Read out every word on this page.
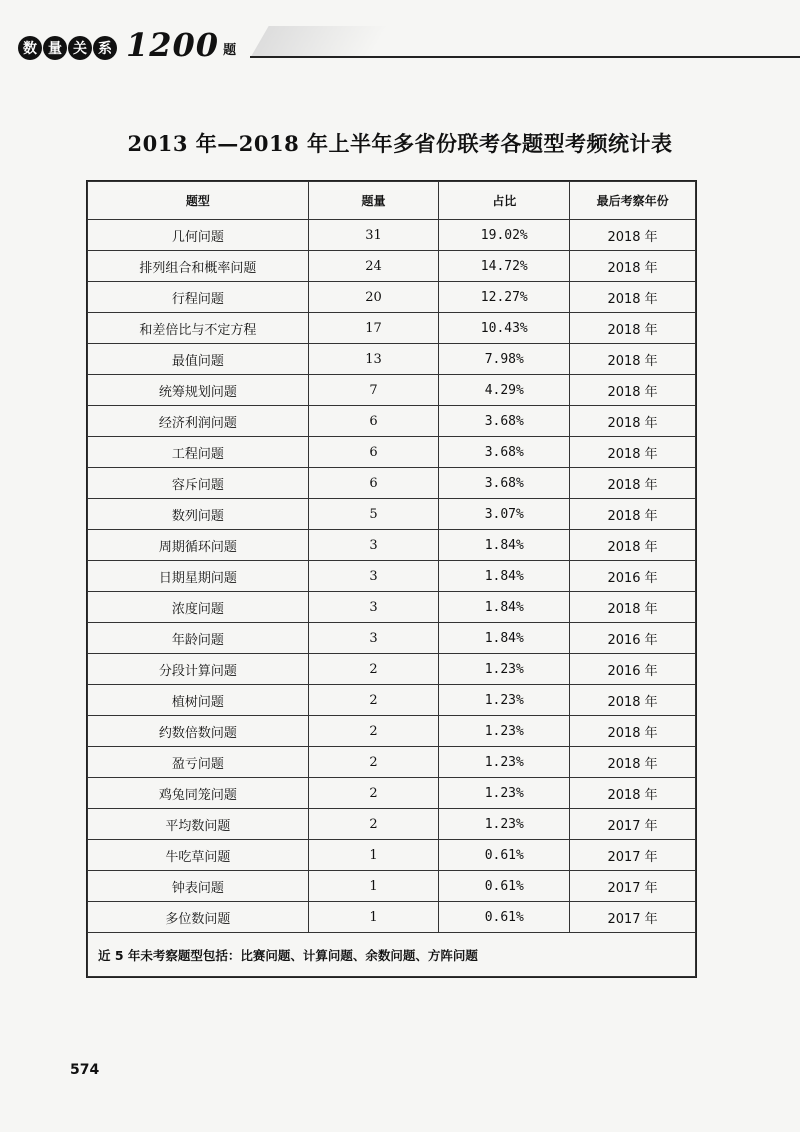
数 量 关 系 1200 题
2013 年—2018 年上半年多省份联考各题型考频统计表
题型	题量	占比	最后考察年份
几何问题	31	19.02%	2018 年
排列组合和概率问题	24	14.72%	2018 年
行程问题	20	12.27%	2018 年
和差倍比与不定方程	17	10.43%	2018 年
最值问题	13	7.98%	2018 年
统筹规划问题	7	4.29%	2018 年
经济利润问题	6	3.68%	2018 年
工程问题	6	3.68%	2018 年
容斥问题	6	3.68%	2018 年
数列问题	5	3.07%	2018 年
周期循环问题	3	1.84%	2018 年
日期星期问题	3	1.84%	2016 年
浓度问题	3	1.84%	2018 年
年龄问题	3	1.84%	2016 年
分段计算问题	2	1.23%	2016 年
植树问题	2	1.23%	2018 年
约数倍数问题	2	1.23%	2018 年
盈亏问题	2	1.23%	2018 年
鸡兔同笼问题	2	1.23%	2018 年
平均数问题	2	1.23%	2017 年
牛吃草问题	1	0.61%	2017 年
钟表问题	1	0.61%	2017 年
多位数问题	1	0.61%	2017 年
近 5 年未考察题型包括：比赛问题、计算问题、余数问题、方阵问题			
574
